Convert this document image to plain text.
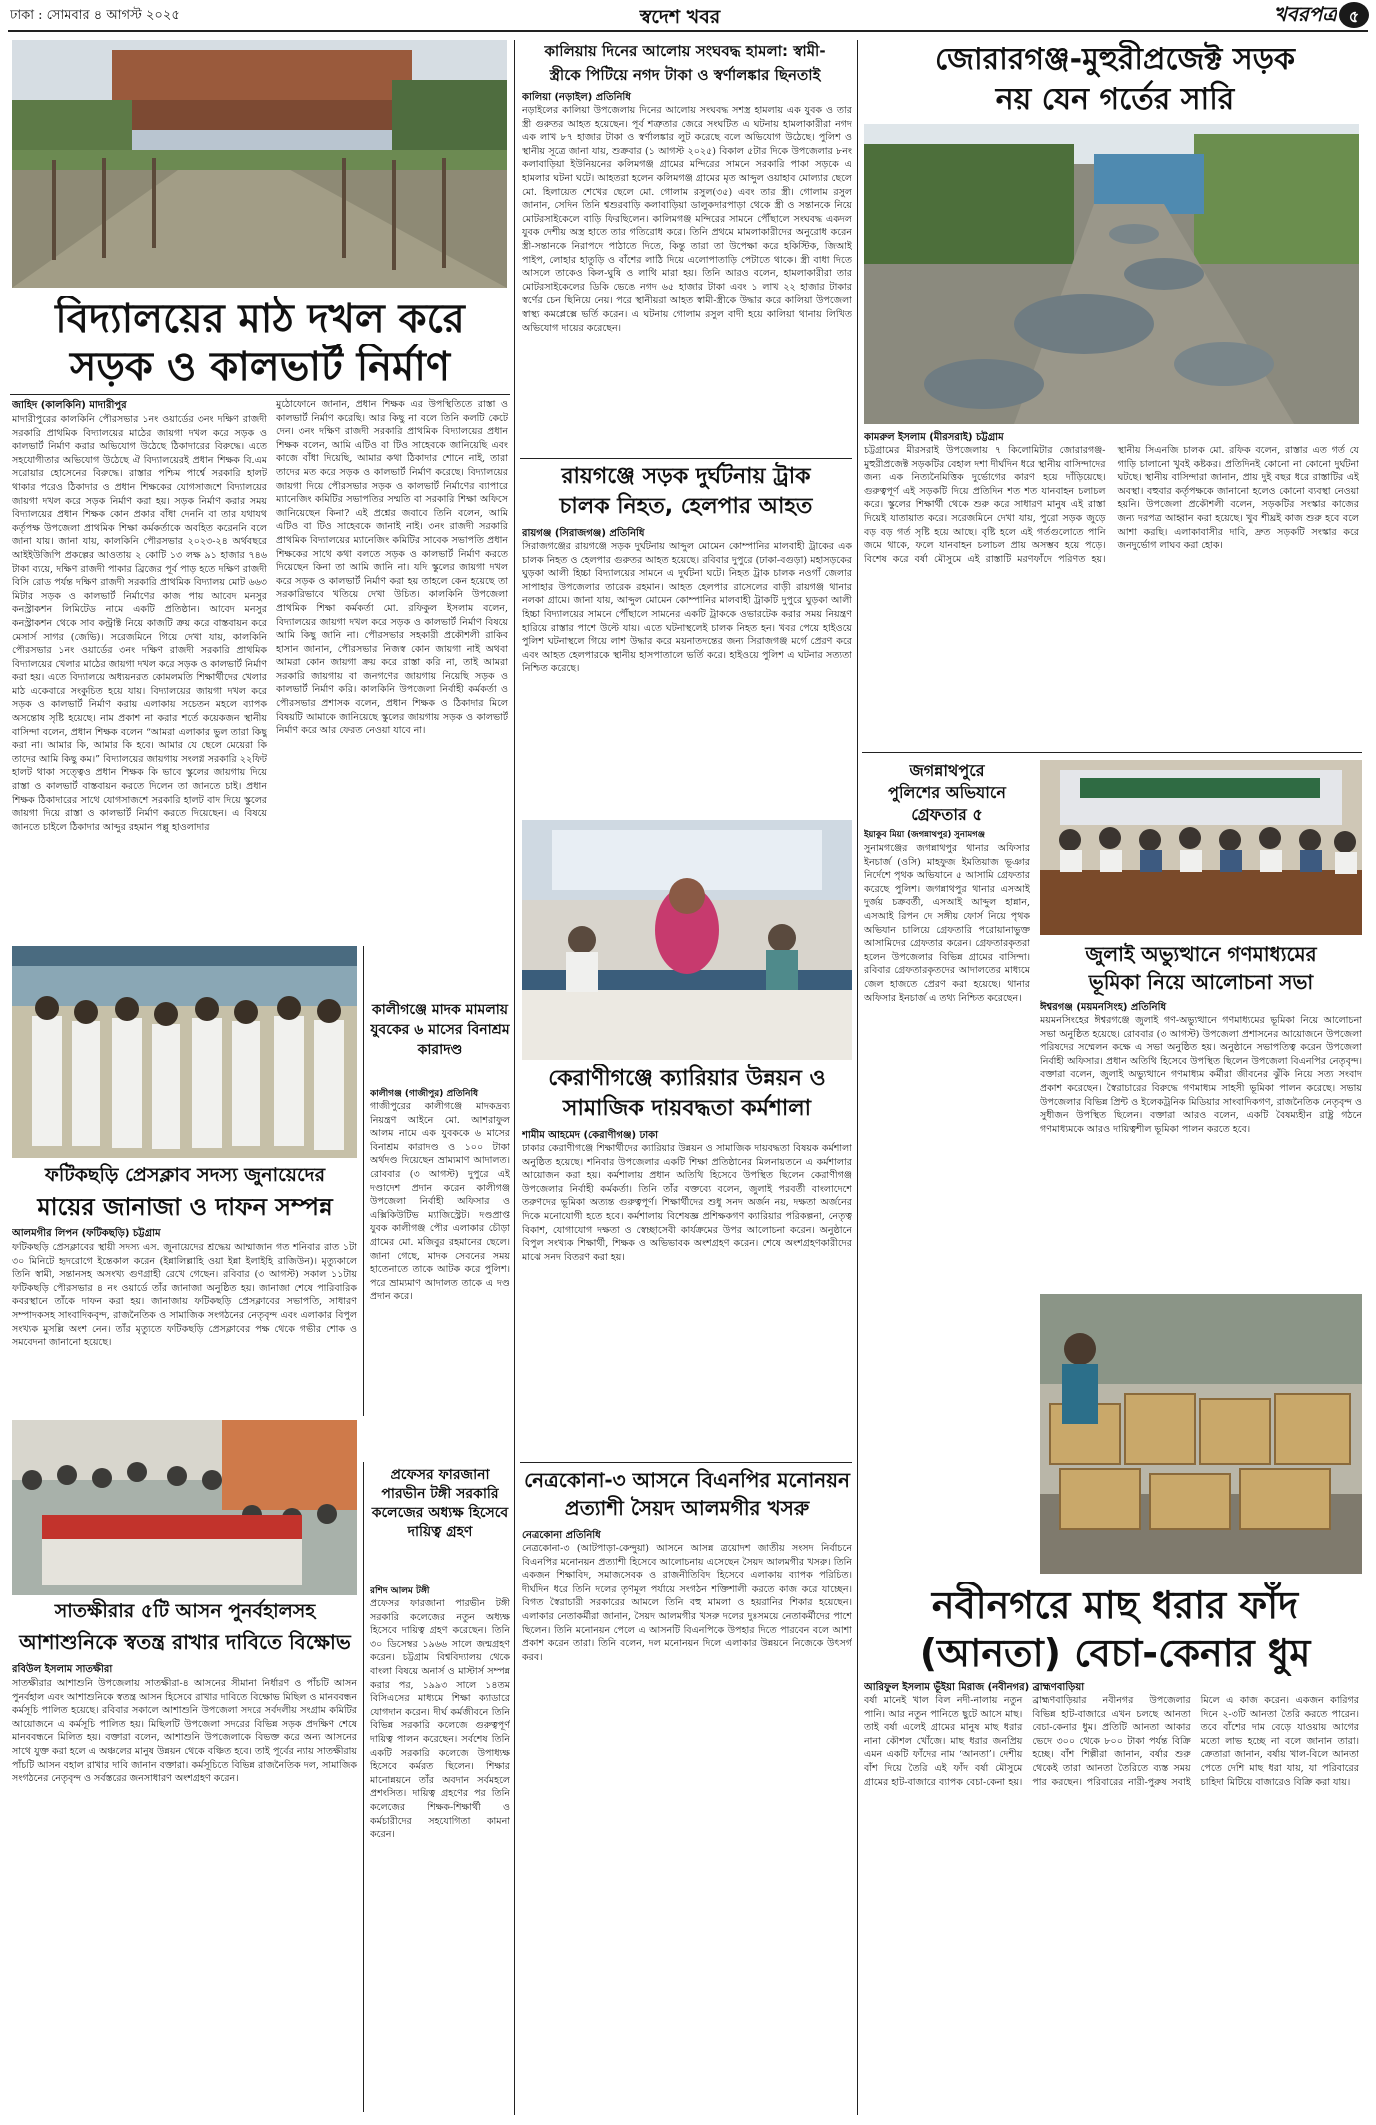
ঢাকা : সোমবার ৪ আগস্ট ২০২৫	স্বদেশ খবর	খবরপত্র ৫
বিদ্যালয়ের মাঠ দখল করে
সড়ক ও কালভার্ট নির্মাণ
জাহিদ (কালকিনি) মাদারীপুর
মাদারীপুরের কালকিনি পৌরসভার ১নং ওয়ার্ডের ৩নং দক্ষিণ রাজদী সরকারি প্রাথমিক বিদ্যালয়ের মাঠের জায়গা দখল করে সড়ক ও কালভার্ট নির্মাণ করার অভিযোগ উঠেছে ঠিকাদারের বিরুদ্ধে। এতে সহযোগীতার অভিযোগ উঠেছে ঐ বিদ্যালয়েরই প্রধান শিক্ষক বি.এম সরোয়ার হোসেনের বিরুদ্ধে। রাস্তার পশ্চিম পার্শ্বে সরকারি হালট থাকার পরেও ঠিকাদার ও প্রধান শিক্ষকের যোগসাজশে বিদ্যালয়ের জায়গা দখল করে সড়ক নির্মাণ করা হয়। সড়ক নির্মাণ করার সময় বিদ্যালয়ের প্রধান শিক্ষক কোন প্রকার বাঁধা দেননি বা তার যথাযথ কর্তৃপক্ষ উপজেলা প্রাথমিক শিক্ষা কর্মকর্তাকে অবহিত করেননি বলে জানা যায়। জানা যায়, কালকিনি পৌরসভার ২০২৩-২৪ অর্থবছরে আইইউজিপি প্রকল্পের আওতায় ২ কোটি ১৩ লক্ষ ৯১ হাজার ৭৪৬ টাকা ব্যয়ে, দক্ষিণ রাজদী পাকার ব্রিজের পূর্ব পাড় হতে দক্ষিণ রাজদী বিসি রোড পর্যন্ত দক্ষিণ রাজদী সরকারি প্রাথমিক বিদ্যালয় মোট ৬৬৩ মিটার সড়ক ও কালভার্ট নির্মাণের কাজ পায় আবেদ মনসুর কনস্ট্রাকশন লিমিটেড নামে একটি প্রতিষ্ঠান। আবেদ মনসুর কনস্ট্রাকশন থেকে সাব কন্ট্রাক্ট নিয়ে কাজটি ক্রয় করে বাস্তবায়ন করে মেসার্স সাগর (জেভি)। সরেজমিনে গিয়ে দেখা যায়, কালকিনি পৌরসভার ১নং ওয়ার্ডের ৩নং দক্ষিণ রাজদী সরকারি প্রাথমিক বিদ্যালয়ের খেলার মাঠের জায়গা দখল করে সড়ক ও কালভার্ট নির্মাণ করা হয়। এতে বিদ্যালয়ে অধ্যয়নরত কোমলমতি শিক্ষার্থীদের খেলার মাঠ একেবারে সংকুচিত হয়ে যায়। বিদ্যালয়ের জায়গা দখল করে সড়ক ও কালভার্ট নির্মাণ করায় এলাকায় সচেতন মহলে ব্যাপক অসন্তোষ সৃষ্টি হয়েছে। নাম প্রকাশ না করার শর্তে কয়েকজন স্থানীয় বাসিন্দা বলেন, প্রধান শিক্ষক বলেন “আমরা এলাকার ভুল তারা কিছু করা না। আমার কি, আমার কি হবে। আমার যে ছেলে মেয়েরা কি তাদের আমি কিছু কম।” বিদ্যালয়ের জায়গায় সংলগ্ন সরকারি ২২ফিট হালট থাকা সত্ত্বেও প্রধান শিক্ষক কি ভাবে স্কুলের জায়গায় দিয়ে রাস্তা ও কালভার্ট বাস্তবায়ন করতে দিলেন তা জানতে চাই। প্রধান শিক্ষক ঠিকাদারের সাথে যোগসাজশে সরকারি হালট বাদ দিয়ে স্কুলের জায়গা দিয়ে রাস্তা ও কালভার্ট নির্মাণ করতে দিয়েছেন। এ বিষয়ে জানতে চাইলে ঠিকাদার আব্দুর রহমান পল্লু হাওলাদার
মুঠোফোনে জানান, প্রধান শিক্ষক এর উপস্থিতিতে রাস্তা ও কালভার্ট নির্মাণ করেছি। আর কিছু না বলে তিনি কলটি কেটে দেন। ৩নং দক্ষিণ রাজদী সরকারি প্রাথমিক বিদ্যালয়ের প্রধান শিক্ষক বলেন, আমি এটিও বা টিও সাহেবকে জানিয়েছি এবং কাজে বাঁধা দিয়েছি, আমার কথা ঠিকাদার শোনে নাই, তারা তাদের মত করে সড়ক ও কালভার্ট নির্মাণ করেছে। বিদ্যালয়ের জায়গা দিয়ে পৌরসভার সড়ক ও কালভার্ট নির্মাণের ব্যাপারে ম্যানেজিং কমিটির সভাপতির সম্মতি বা সরকারি শিক্ষা অফিসে জানিয়েছেন কিনা? এই প্রশ্নের জবাবে তিনি বলেন, আমি এটিও বা টিও সাহেবকে জানাই নাই। ৩নং রাজদী সরকারি প্রাথমিক বিদ্যালয়ের ম্যানেজিং কমিটির সাবেক সভাপতি প্রধান শিক্ষকের সাথে কথা বলতে সড়ক ও কালভার্ট নির্মাণ করতে দিয়েছেন কিনা তা আমি জানি না। যদি স্কুলের জায়গা দখল করে সড়ক ও কালভার্ট নির্মাণ করা হয় তাহলে কেন হয়েছে তা সরকারিভাবে খতিয়ে দেখা উচিত। কালকিনি উপজেলা প্রাথমিক শিক্ষা কর্মকর্তা মো. রফিকুল ইসলাম বলেন, বিদ্যালয়ের জায়গা দখল করে সড়ক ও কালভার্ট নির্মাণ বিষয়ে আমি কিছু জানি না। পৌরসভার সহকারী প্রকৌশলী রাকিব হাসান জানান, পৌরসভার নিজস্ব কোন জায়গা নাই অথবা আমরা কোন জায়গা ক্রয় করে রাস্তা করি না, তাই আমরা সরকারি জায়গায় বা জনগণের জায়গায় নিয়েছি সড়ক ও কালভার্ট নির্মাণ করি। কালকিনি উপজেলা নির্বাহী কর্মকর্তা ও পৌরসভার প্রশাসক বলেন, প্রধান শিক্ষক ও ঠিকাদার মিলে বিষয়টি আমাকে জানিয়েছে স্কুলের জায়গায় সড়ক ও কালভার্ট নির্মাণ করে আর ফেরত নেওয়া যাবে না।
ফটিকছড়ি প্রেসক্লাব সদস্য জুনায়েদের
মায়ের জানাজা ও দাফন সম্পন্ন
আলমগীর লিপন (ফটিকছড়ি) চট্টগ্রাম
ফটিকছড়ি প্রেসক্লাবের স্থায়ী সদস্য এস. জুনায়েদের শ্রদ্ধেয় আম্মাজান গত শনিবার রাত ১টা ৩০ মিনিটে হৃদরোগে ইন্তেকাল করেন (ইন্নালিল্লাহি ওয়া ইন্না ইলাইহি রাজিউন)। মৃত্যুকালে তিনি স্বামী, সন্তানসহ অসংখ্য গুণগ্রাহী রেখে গেছেন। রবিবার (৩ আগস্ট) সকাল ১১টায় ফটিকছড়ি পৌরসভার ৪ নং ওয়ার্ডে তাঁর জানাজা অনুষ্ঠিত হয়। জানাজা শেষে পারিবারিক কবরস্থানে তাঁকে দাফন করা হয়। জানাজায় ফটিকছড়ি প্রেসক্লাবের সভাপতি, সাধারণ সম্পাদকসহ সাংবাদিকবৃন্দ, রাজনৈতিক ও সামাজিক সংগঠনের নেতৃবৃন্দ এবং এলাকার বিপুল সংখ্যক মুসল্লি অংশ নেন। তাঁর মৃত্যুতে ফটিকছড়ি প্রেসক্লাবের পক্ষ থেকে গভীর শোক ও সমবেদনা জানানো হয়েছে।
কালীগঞ্জে মাদক মামলায় যুবকের ৬ মাসের বিনাশ্রম কারাদণ্ড
কালীগঞ্জ (গাজীপুর) প্রতিনিধি
গাজীপুরের কালীগঞ্জে মাদকদ্রব্য নিয়ন্ত্রণ আইনে মো. আশরাফুল আলম নামে এক যুবককে ৬ মাসের বিনাশ্রম কারাদণ্ড ও ১০০ টাকা অর্থদণ্ড দিয়েছেন ভ্রাম্যমাণ আদালত। রোববার (৩ আগস্ট) দুপুরে এই দণ্ডাদেশ প্রদান করেন কালীগঞ্জ উপজেলা নির্বাহী অফিসার ও এক্সিকিউটিভ ম্যাজিস্ট্রেট। দণ্ডপ্রাপ্ত যুবক কালীগঞ্জ পৌর এলাকার চৌড়া গ্রামের মো. মজিবুর রহমানের ছেলে। জানা গেছে, মাদক সেবনের সময় হাতেনাতে তাকে আটক করে পুলিশ। পরে ভ্রাম্যমাণ আদালত তাকে এ দণ্ড প্রদান করে।
সাতক্ষীরার ৫টি আসন পুনর্বহালসহ
আশাশুনিকে স্বতন্ত্র রাখার দাবিতে বিক্ষোভ
রবিউল ইসলাম সাতক্ষীরা
সাতক্ষীরার আশাশুনি উপজেলায় সাতক্ষীরা-৪ আসনের সীমানা নির্ধারণ ও পাঁচটি আসন পুনর্বহাল এবং আশাশুনিকে স্বতন্ত্র আসন হিসেবে রাখার দাবিতে বিক্ষোভ মিছিল ও মানববন্ধন কর্মসূচি পালিত হয়েছে। রবিবার সকালে আশাশুনি উপজেলা সদরে সর্বদলীয় সংগ্রাম কমিটির আয়োজনে এ কর্মসূচি পালিত হয়। মিছিলটি উপজেলা সদরের বিভিন্ন সড়ক প্রদক্ষিণ শেষে মানববন্ধনে মিলিত হয়। বক্তারা বলেন, আশাশুনি উপজেলাকে বিভক্ত করে অন্য আসনের সাথে যুক্ত করা হলে এ অঞ্চলের মানুষ উন্নয়ন থেকে বঞ্চিত হবে। তাই পূর্বের ন্যায় সাতক্ষীরায় পাঁচটি আসন বহাল রাখার দাবি জানান বক্তারা। কর্মসূচিতে বিভিন্ন রাজনৈতিক দল, সামাজিক সংগঠনের নেতৃবৃন্দ ও সর্বস্তরের জনসাধারণ অংশগ্রহণ করেন।
প্রফেসর ফারজানা পারভীন টঙ্গী সরকারি কলেজের অধ্যক্ষ হিসেবে দায়িত্ব গ্রহণ
রশিদ আলম টঙ্গী
প্রফেসর ফারজানা পারভীন টঙ্গী সরকারি কলেজের নতুন অধ্যক্ষ হিসেবে দায়িত্ব গ্রহণ করেছেন। তিনি ৩০ ডিসেম্বর ১৯৬৬ সালে জন্মগ্রহণ করেন। চট্টগ্রাম বিশ্ববিদ্যালয় থেকে বাংলা বিষয়ে অনার্স ও মাস্টার্স সম্পন্ন করার পর, ১৯৯৩ সালে ১৪তম বিসিএসের মাধ্যমে শিক্ষা ক্যাডারে যোগদান করেন। দীর্ঘ কর্মজীবনে তিনি বিভিন্ন সরকারি কলেজে গুরুত্বপূর্ণ দায়িত্ব পালন করেছেন। সর্বশেষ তিনি একটি সরকারি কলেজে উপাধ্যক্ষ হিসেবে কর্মরত ছিলেন। শিক্ষার মানোন্নয়নে তাঁর অবদান সর্বমহলে প্রশংসিত। দায়িত্ব গ্রহণের পর তিনি কলেজের শিক্ষক-শিক্ষার্থী ও কর্মচারীদের সহযোগিতা কামনা করেন।
কালিয়ায় দিনের আলোয় সংঘবদ্ধ হামলা: স্বামী-
স্ত্রীকে পিটিয়ে নগদ টাকা ও স্বর্ণালঙ্কার ছিনতাই
কালিয়া (নড়াইল) প্রতিনিধি
নড়াইলের কালিয়া উপজেলায় দিনের আলোয় সংঘবদ্ধ সশস্ত্র হামলায় এক যুবক ও তার স্ত্রী গুরুতর আহত হয়েছেন। পূর্ব শত্রুতার জেরে সংঘটিত এ ঘটনায় হামলাকারীরা নগদ এক লাখ ৮৭ হাজার টাকা ও স্বর্ণালঙ্কার লুট করেছে বলে অভিযোগ উঠেছে। পুলিশ ও স্থানীয় সূত্রে জানা যায়, শুক্রবার (১ আগস্ট ২০২৫) বিকাল ৫টার দিকে উপজেলার ৮নং কলাবাড়িয়া ইউনিয়নের কলিমগঞ্জ গ্রামের মন্দিরের সামনে সরকারি পাকা সড়কে এ হামলার ঘটনা ঘটে। আহতরা হলেন কলিমগঞ্জ গ্রামের মৃত আব্দুল ওয়াহাব মোল্যার ছেলে মো. হিলায়েত শেখের ছেলে মো. গোলাম রসুল(৩৫) এবং তার স্ত্রী। গোলাম রসুল জানান, সেদিন তিনি শ্বশুরবাড়ি কলাবাড়িয়া ডালুকদারপাড়া থেকে স্ত্রী ও সন্তানকে নিয়ে মোটরসাইকেলে বাড়ি ফিরছিলেন। কালিমগঞ্জ মন্দিরের সামনে পৌঁছালে সংঘবদ্ধ একদল যুবক দেশীয় অস্ত্র হাতে তার গতিরোধ করে। তিনি প্রথমে মামলাকারীদের অনুরোধ করেন স্ত্রী-সন্তানকে নিরাপদে পাঠাতে দিতে, কিন্তু তারা তা উপেক্ষা করে হকিস্টিক, জিআই পাইপ, লোহার হাতুড়ি ও বাঁশের লাঠি দিয়ে এলোপাতাড়ি পেটাতে থাকে। স্ত্রী বাধা দিতে আসলে তাকেও কিল-ঘুষি ও লাথি মারা হয়। তিনি আরও বলেন, হামলাকারীরা তার মোটরসাইকেলের ডিকি ভেঙে নগদ ৬৫ হাজার টাকা এবং ১ লাখ ২২ হাজার টাকার স্বর্ণের চেন ছিনিয়ে নেয়। পরে স্থানীয়রা আহত স্বামী-স্ত্রীকে উদ্ধার করে কালিয়া উপজেলা স্বাস্থ্য কমপ্লেক্সে ভর্তি করেন। এ ঘটনায় গোলাম রসুল বাদী হয়ে কালিয়া থানায় লিখিত অভিযোগ দায়ের করেছেন।
রায়গঞ্জে সড়ক দুর্ঘটনায় ট্রাক
চালক নিহত, হেলপার আহত
রায়গঞ্জ (সিরাজগঞ্জ) প্রতিনিধি
সিরাজগঞ্জের রায়গঞ্জে সড়ক দুর্ঘটনায় আব্দুল মোমেন কোম্পানির মালবাহী ট্রাকের এক চালক নিহত ও হেলপার গুরুতর আহত হয়েছে। রবিবার দুপুরে (ঢাকা-বগুড়া) মহাসড়কের ঘুড়কা আলী হিচ্চা বিদ্যালয়ের সামনে এ দুর্ঘটনা ঘটে। নিহত ট্রাক চালক নওগাঁ জেলার সাপাহার উপজেলার তারেক রহমান। আহত হেলপার রাসেলের বাড়ী রায়গঞ্জ থানার নলকা গ্রামে। জানা যায়, আব্দুল মোমেন কোম্পানির মালবাহী ট্রাকটি দুপুরে ঘুড়কা আলী হিচ্চা বিদ্যালয়ের সামনে পৌঁছালে সামনের একটি ট্রাককে ওভারটেক করার সময় নিয়ন্ত্রণ হারিয়ে রাস্তার পাশে উল্টে যায়। এতে ঘটনাস্থলেই চালক নিহত হন। খবর পেয়ে হাইওয়ে পুলিশ ঘটনাস্থলে গিয়ে লাশ উদ্ধার করে ময়নাতদন্তের জন্য সিরাজগঞ্জ মর্গে প্রেরণ করে এবং আহত হেলপারকে স্থানীয় হাসপাতালে ভর্তি করে। হাইওয়ে পুলিশ এ ঘটনার সত্যতা নিশ্চিত করেছে।
কেরাণীগঞ্জে ক্যারিয়ার উন্নয়ন ও
সামাজিক দায়বদ্ধতা কর্মশালা
শামীম আহমেদ (কেরাণীগঞ্জ) ঢাকা
ঢাকার কেরাণীগঞ্জে শিক্ষার্থীদের ক্যারিয়ার উন্নয়ন ও সামাজিক দায়বদ্ধতা বিষয়ক কর্মশালা অনুষ্ঠিত হয়েছে। শনিবার উপজেলার একটি শিক্ষা প্রতিষ্ঠানের মিলনায়তনে এ কর্মশালার আয়োজন করা হয়। কর্মশালায় প্রধান অতিথি হিসেবে উপস্থিত ছিলেন কেরাণীগঞ্জ উপজেলার নির্বাহী কর্মকর্তা। তিনি তাঁর বক্তব্যে বলেন, জুলাই পরবর্তী বাংলাদেশে তরুণদের ভূমিকা অত্যন্ত গুরুত্বপূর্ণ। শিক্ষার্থীদের শুধু সনদ অর্জন নয়, দক্ষতা অর্জনের দিকে মনোযোগী হতে হবে। কর্মশালায় বিশেষজ্ঞ প্রশিক্ষকগণ ক্যারিয়ার পরিকল্পনা, নেতৃত্ব বিকাশ, যোগাযোগ দক্ষতা ও স্বেচ্ছাসেবী কার্যক্রমের উপর আলোচনা করেন। অনুষ্ঠানে বিপুল সংখ্যক শিক্ষার্থী, শিক্ষক ও অভিভাবক অংশগ্রহণ করেন। শেষে অংশগ্রহণকারীদের মাঝে সনদ বিতরণ করা হয়।
নেত্রকোনা-৩ আসনে বিএনপির মনোনয়ন
প্রত্যাশী সৈয়দ আলমগীর খসরু
নেত্রকোনা প্রতিনিধি
নেত্রকোনা-৩ (আটপাড়া-কেন্দুয়া) আসনে আসন্ন ত্রয়োদশ জাতীয় সংসদ নির্বাচনে বিএনপির মনোনয়ন প্রত্যাশী হিসেবে আলোচনায় এসেছেন সৈয়দ আলমগীর খসরু। তিনি একজন শিক্ষাবিদ, সমাজসেবক ও রাজনীতিবিদ হিসেবে এলাকায় ব্যাপক পরিচিত। দীর্ঘদিন ধরে তিনি দলের তৃণমূল পর্যায়ে সংগঠন শক্তিশালী করতে কাজ করে যাচ্ছেন। বিগত স্বৈরাচারী সরকারের আমলে তিনি বহু মামলা ও হয়রানির শিকার হয়েছেন। এলাকার নেতাকর্মীরা জানান, সৈয়দ আলমগীর খসরু দলের দুঃসময়ে নেতাকর্মীদের পাশে ছিলেন। তিনি মনোনয়ন পেলে এ আসনটি বিএনপিকে উপহার দিতে পারবেন বলে আশা প্রকাশ করেন তারা। তিনি বলেন, দল মনোনয়ন দিলে এলাকার উন্নয়নে নিজেকে উৎসর্গ করব।
জোরারগঞ্জ-মুহুরীপ্রজেক্ট সড়ক
নয় যেন গর্তের সারি
কামরুল ইসলাম (মীরসরাই) চট্টগ্রাম
চট্টগ্রামের মীরসরাই উপজেলায় ৭ কিলোমিটার জোরারগঞ্জ-মুহুরীপ্রজেক্ট সড়কটির বেহাল দশা দীর্ঘদিন ধরে স্থানীয় বাসিন্দাদের জন্য এক নিত্যনৈমিত্তিক দুর্ভোগের কারণ হয়ে দাঁড়িয়েছে। গুরুত্বপূর্ণ এই সড়কটি দিয়ে প্রতিদিন শত শত যানবাহন চলাচল করে। স্কুলের শিক্ষার্থী থেকে শুরু করে সাধারণ মানুষ এই রাস্তা দিয়েই যাতায়াত করে। সরেজমিনে দেখা যায়, পুরো সড়ক জুড়ে বড় বড় গর্ত সৃষ্টি হয়ে আছে। বৃষ্টি হলে এই গর্তগুলোতে পানি জমে থাকে, ফলে যানবাহন চলাচল প্রায় অসম্ভব হয়ে পড়ে। বিশেষ করে বর্ষা মৌসুমে এই রাস্তাটি মরণফাঁদে পরিণত হয়। স্থানীয় সিএনজি চালক মো. রফিক বলেন, রাস্তার এত গর্ত যে গাড়ি চালানো খুবই কষ্টকর। প্রতিদিনই কোনো না কোনো দুর্ঘটনা ঘটছে। স্থানীয় বাসিন্দারা জানান, প্রায় দুই বছর ধরে রাস্তাটির এই অবস্থা। বহুবার কর্তৃপক্ষকে জানানো হলেও কোনো ব্যবস্থা নেওয়া হয়নি। উপজেলা প্রকৌশলী বলেন, সড়কটির সংস্কার কাজের জন্য দরপত্র আহ্বান করা হয়েছে। খুব শীঘ্রই কাজ শুরু হবে বলে আশা করছি। এলাকাবাসীর দাবি, দ্রুত সড়কটি সংস্কার করে জনদুর্ভোগ লাঘব করা হোক।
জগন্নাথপুরে
পুলিশের অভিযানে
গ্রেফতার ৫
ইয়াকুব মিয়া (জগন্নাথপুর) সুনামগঞ্জ
সুনামগঞ্জের জগন্নাথপুর থানার অফিসার ইনচার্জ (ওসি) মাহফুজ ইমতিয়াজ ভূঞার নির্দেশে পৃথক অভিযানে ৫ আসামি গ্রেফতার করেছে পুলিশ। জগন্নাথপুর থানার এসআই দুর্জয় চক্রবর্তী, এসআই আব্দুল হান্নান, এসআই রিপন দে সঙ্গীয় ফোর্স নিয়ে পৃথক অভিযান চালিয়ে গ্রেফতারি পরোয়ানাভুক্ত আসামিদের গ্রেফতার করেন। গ্রেফতারকৃতরা হলেন উপজেলার বিভিন্ন গ্রামের বাসিন্দা। রবিবার গ্রেফতারকৃতদের আদালতের মাধ্যমে জেল হাজতে প্রেরণ করা হয়েছে। থানার অফিসার ইনচার্জ এ তথ্য নিশ্চিত করেছেন।
জুলাই অভ্যুত্থানে গণমাধ্যমের
ভূমিকা নিয়ে আলোচনা সভা
ঈশ্বরগঞ্জ (ময়মনসিংহ) প্রতিনিধি
ময়মনসিংহের ঈশ্বরগঞ্জে জুলাই গণ-অভ্যুত্থানে গণমাধ্যমের ভূমিকা নিয়ে আলোচনা সভা অনুষ্ঠিত হয়েছে। রোববার (৩ আগস্ট) উপজেলা প্রশাসনের আয়োজনে উপজেলা পরিষদের সম্মেলন কক্ষে এ সভা অনুষ্ঠিত হয়। অনুষ্ঠানে সভাপতিত্ব করেন উপজেলা নির্বাহী অফিসার। প্রধান অতিথি হিসেবে উপস্থিত ছিলেন উপজেলা বিএনপির নেতৃবৃন্দ। বক্তারা বলেন, জুলাই অভ্যুত্থানে গণমাধ্যম কর্মীরা জীবনের ঝুঁকি নিয়ে সত্য সংবাদ প্রকাশ করেছেন। স্বৈরাচারের বিরুদ্ধে গণমাধ্যম সাহসী ভূমিকা পালন করেছে। সভায় উপজেলার বিভিন্ন প্রিন্ট ও ইলেকট্রনিক মিডিয়ার সাংবাদিকগণ, রাজনৈতিক নেতৃবৃন্দ ও সুধীজন উপস্থিত ছিলেন। বক্তারা আরও বলেন, একটি বৈষম্যহীন রাষ্ট্র গঠনে গণমাধ্যমকে আরও দায়িত্বশীল ভূমিকা পালন করতে হবে।
নবীনগরে মাছ ধরার ফাঁদ
(আনতা) বেচা-কেনার ধুম
আরিফুল ইসলাম ভূঁইয়া মিরাজ (নবীনগর) ব্রাহ্মণবাড়িয়া
বর্ষা মানেই খাল বিল নদী-নালায় নতুন পানি। আর নতুন পানিতে ছুটে আসে মাছ। তাই বর্ষা এলেই গ্রামের মানুষ মাছ ধরার নানা কৌশল খোঁজে। মাছ ধরার জনপ্রিয় এমন একটি ফাঁদের নাম ‘আনতা’। দেশীয় বাঁশ দিয়ে তৈরি এই ফাঁদ বর্ষা মৌসুমে গ্রামের হাট-বাজারে ব্যাপক বেচা-কেনা হয়। ব্রাহ্মণবাড়িয়ার নবীনগর উপজেলার বিভিন্ন হাট-বাজারে এখন চলছে আনতা বেচা-কেনার ধুম। প্রতিটি আনতা আকার ভেদে ৩০০ থেকে ৮০০ টাকা পর্যন্ত বিক্রি হচ্ছে। বাঁশ শিল্পীরা জানান, বর্ষার শুরু থেকেই তারা আনতা তৈরিতে ব্যস্ত সময় পার করছেন। পরিবারের নারী-পুরুষ সবাই মিলে এ কাজ করেন। একজন কারিগর দিনে ২-৩টি আনতা তৈরি করতে পারেন। তবে বাঁশের দাম বেড়ে যাওয়ায় আগের মতো লাভ হচ্ছে না বলে জানান তারা। ক্রেতারা জানান, বর্ষায় খাল-বিলে আনতা পেতে দেশি মাছ ধরা যায়, যা পরিবারের চাহিদা মিটিয়ে বাজারেও বিক্রি করা যায়।
